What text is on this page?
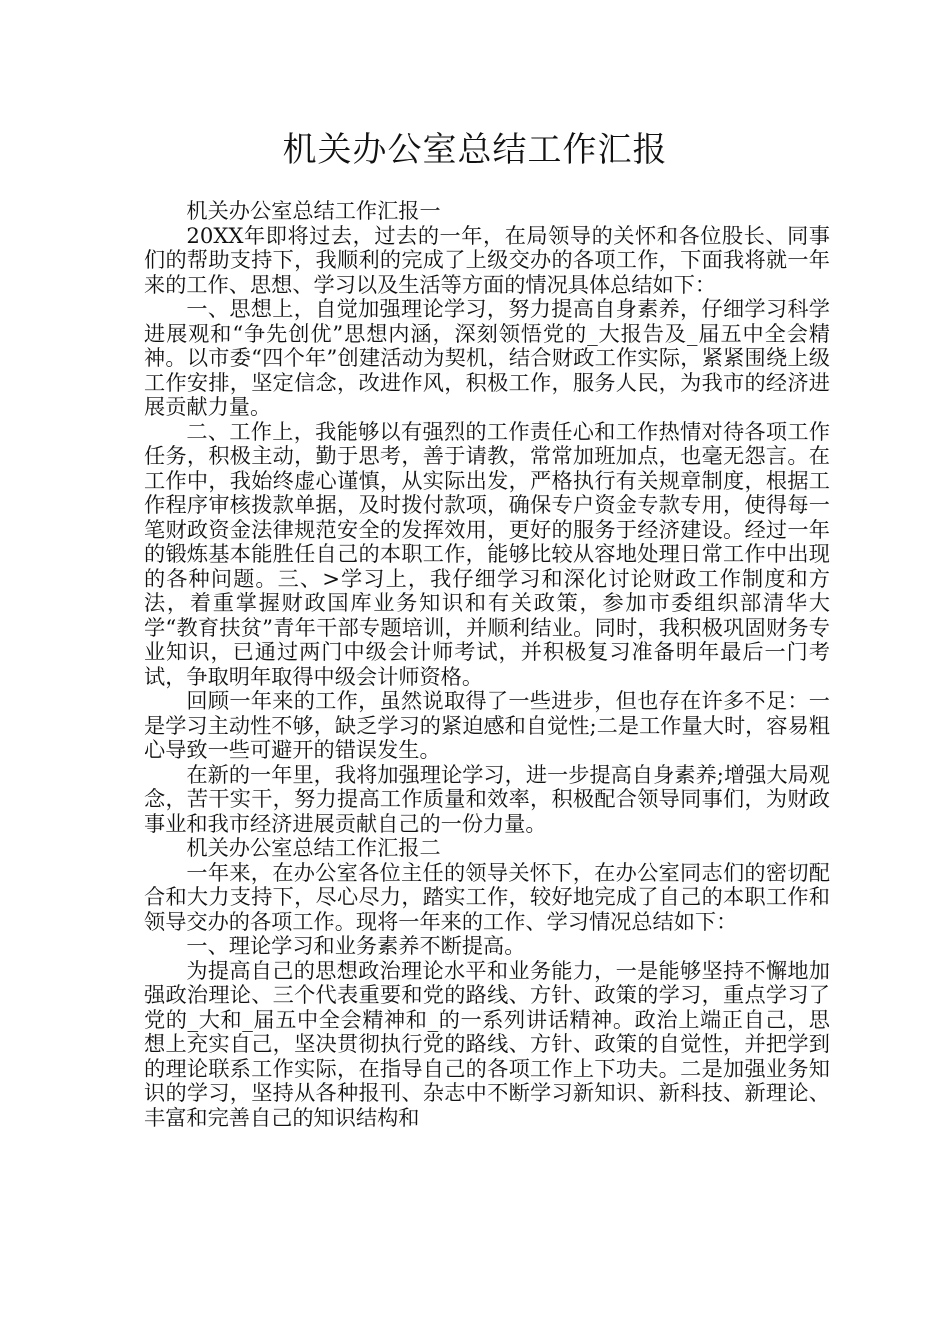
机关办公室总结工作汇报

机关办公室总结工作汇报一

20XX年即将过去，过去的一年，在局领导的关怀和各位股长、同事们的帮助支持下，我顺利的完成了上级交办的各项工作，下面我将就一年来的工作、思想、学习以及生活等方面的情况具体总结如下：

一、思想上，自觉加强理论学习，努力提高自身素养，仔细学习科学进展观和“争先创优”思想内涵，深刻领悟党的_大报告及_届五中全会精神。以市委“四个年”创建活动为契机，结合财政工作实际，紧紧围绕上级工作安排，坚定信念，改进作风，积极工作，服务人民，为我市的经济进展贡献力量。

二、工作上，我能够以有强烈的工作责任心和工作热情对待各项工作任务，积极主动，勤于思考，善于请教，常常加班加点，也毫无怨言。在工作中，我始终虚心谨慎，从实际出发，严格执行有关规章制度，根据工作程序审核拨款单据，及时拨付款项，确保专户资金专款专用，使得每一笔财政资金法律规范安全的发挥效用，更好的服务于经济建设。经过一年的锻炼基本能胜任自己的本职工作，能够比较从容地处理日常工作中出现的各种问题。三、>学习上，我仔细学习和深化讨论财政工作制度和方法，着重掌握财政国库业务知识和有关政策，参加市委组织部清华大学“教育扶贫”青年干部专题培训，并顺利结业。同时，我积极巩固财务专业知识，已通过两门中级会计师考试，并积极复习准备明年最后一门考试，争取明年取得中级会计师资格。

回顾一年来的工作，虽然说取得了一些进步，但也存在许多不足：一是学习主动性不够，缺乏学习的紧迫感和自觉性;二是工作量大时，容易粗心导致一些可避开的错误发生。

在新的一年里，我将加强理论学习，进一步提高自身素养;增强大局观念，苦干实干，努力提高工作质量和效率，积极配合领导同事们，为财政事业和我市经济进展贡献自己的一份力量。

机关办公室总结工作汇报二

一年来，在办公室各位主任的领导关怀下，在办公室同志们的密切配合和大力支持下，尽心尽力，踏实工作，较好地完成了自己的本职工作和领导交办的各项工作。现将一年来的工作、学习情况总结如下：

一、理论学习和业务素养不断提高。

为提高自己的思想政治理论水平和业务能力，一是能够坚持不懈地加强政治理论、三个代表重要和党的路线、方针、政策的学习，重点学习了党的_大和_届五中全会精神和_的一系列讲话精神。政治上端正自己，思想上充实自己，坚决贯彻执行党的路线、方针、政策的自觉性，并把学到的理论联系工作实际，在指导自己的各项工作上下功夫。二是加强业务知识的学习，坚持从各种报刊、杂志中不断学习新知识、新科技、新理论、丰富和完善自己的知识结构和
